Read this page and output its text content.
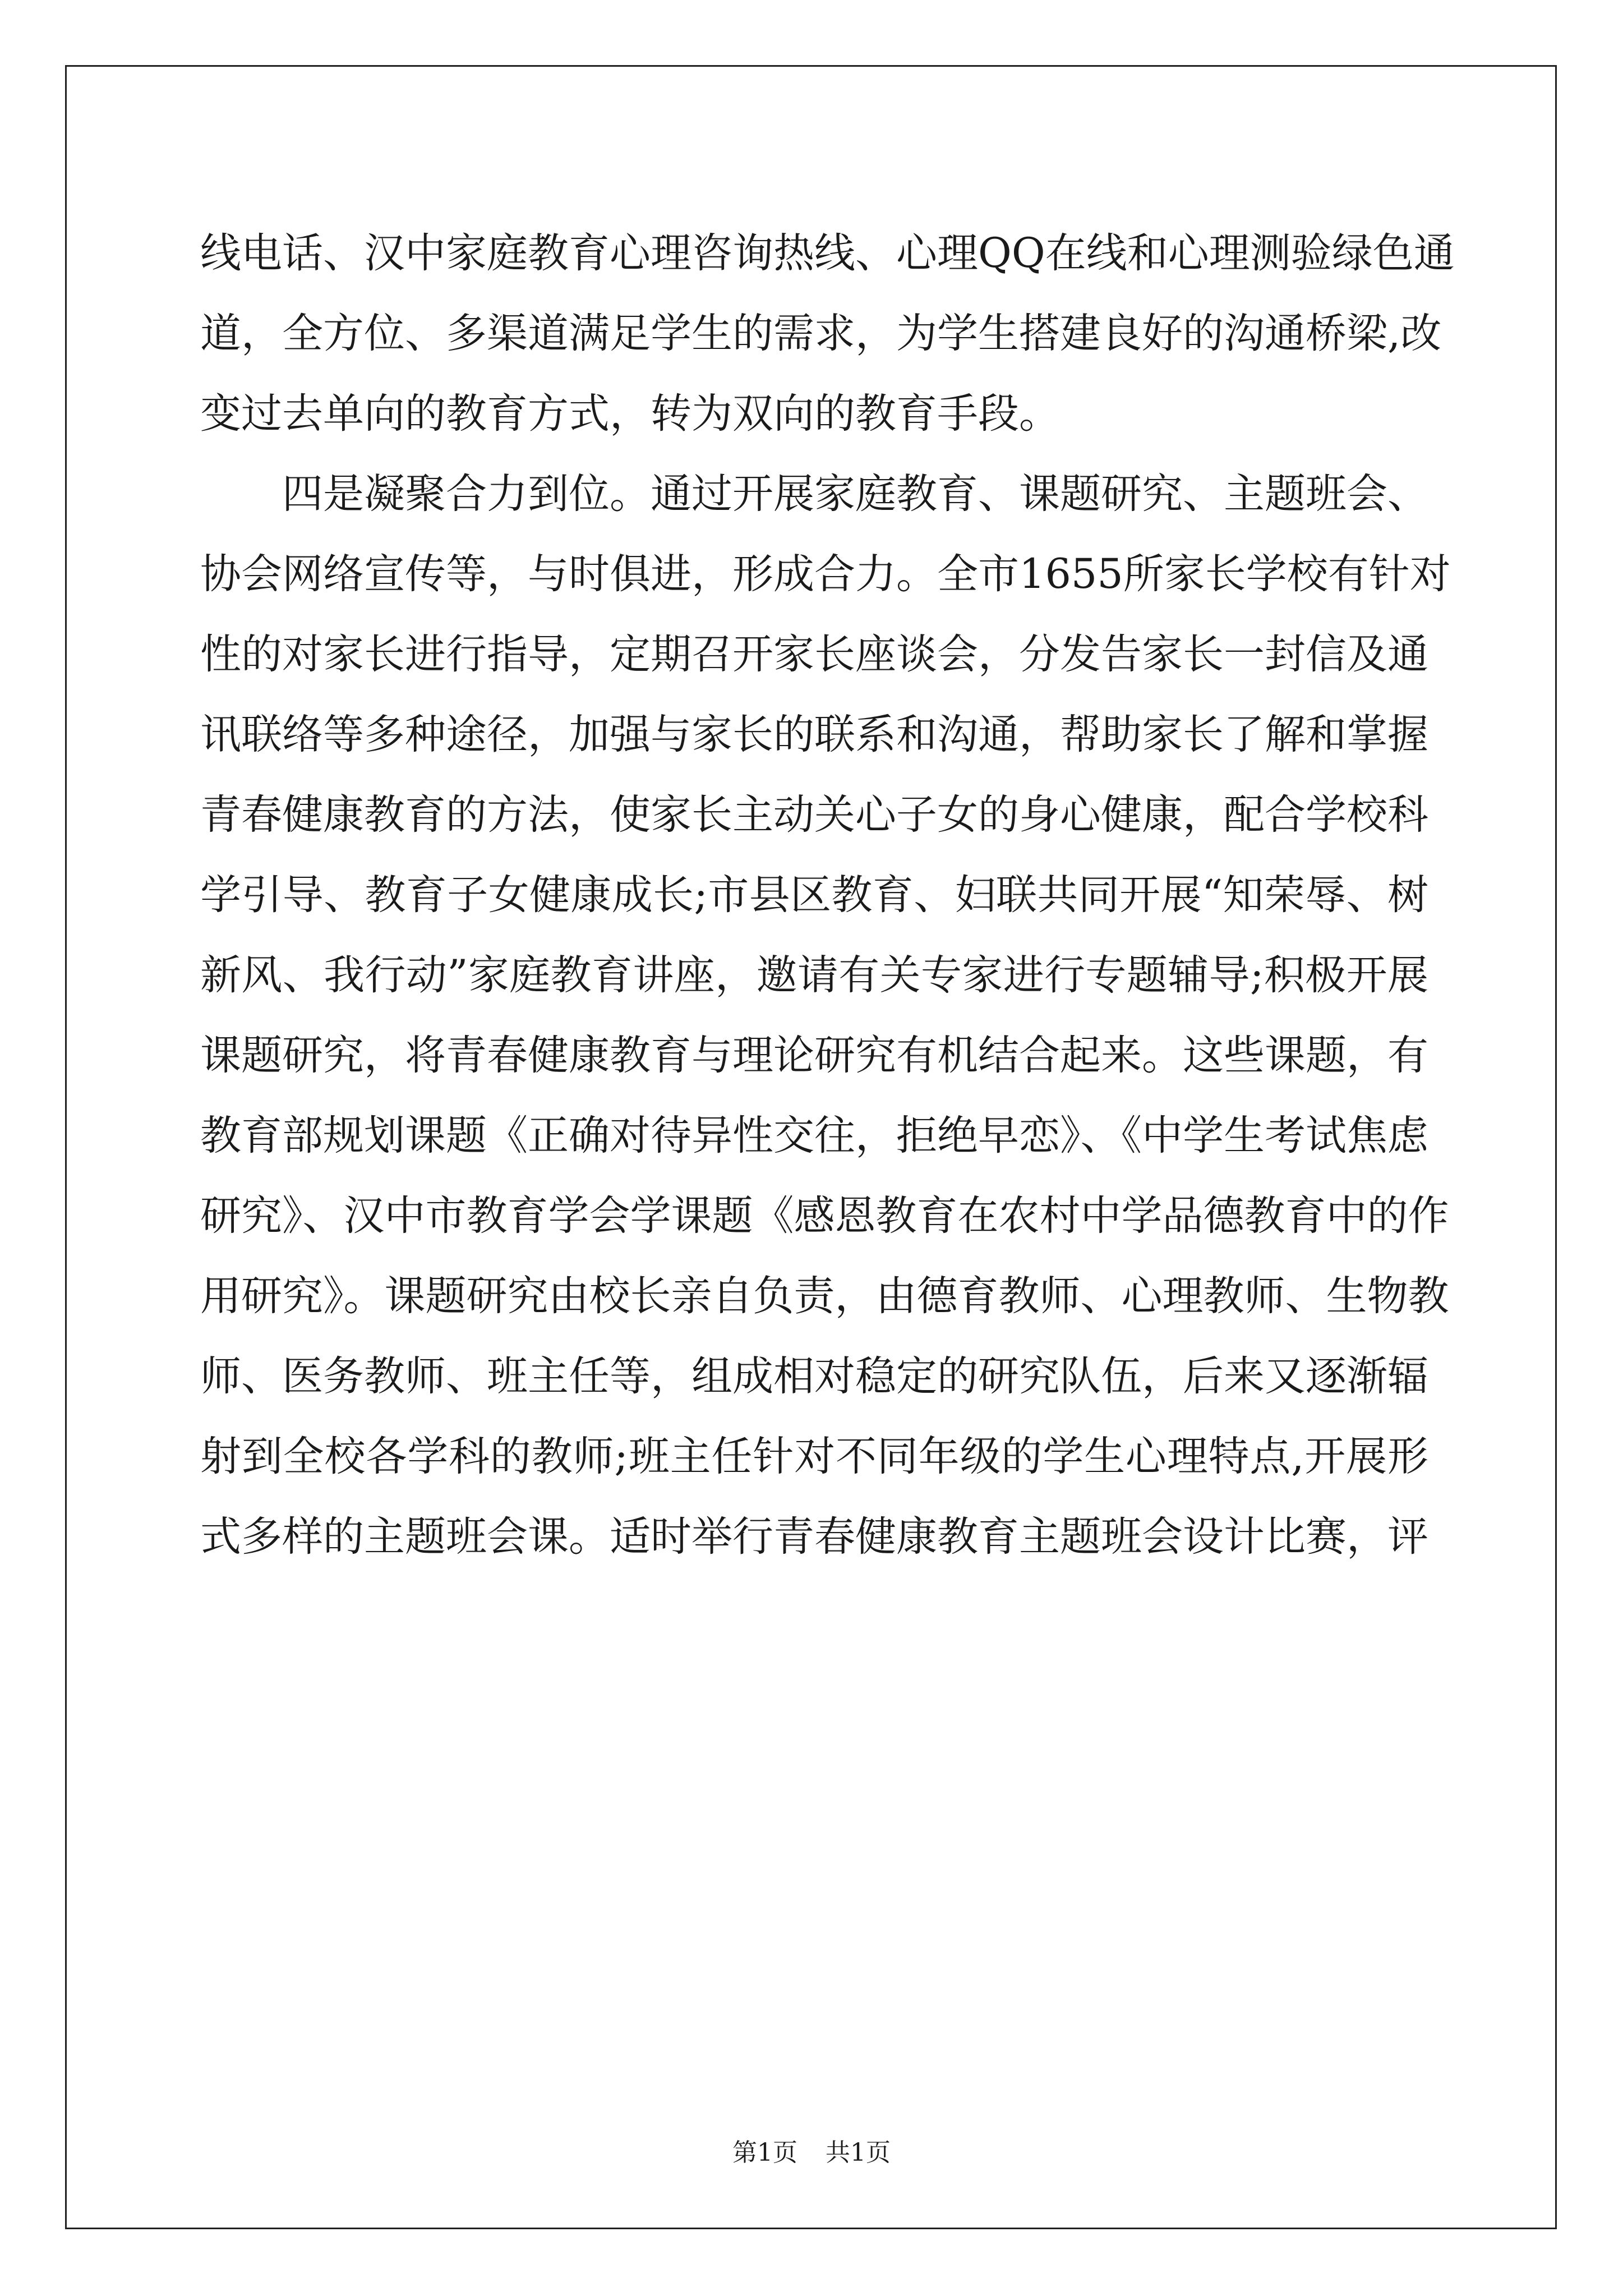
线电话、汉中家庭教育心理咨询热线、心理QQ在线和心理测验绿色通
道，全方位、多渠道满足学生的需求，为学生搭建良好的沟通桥梁,改
变过去单向的教育方式，转为双向的教育手段。
四是凝聚合力到位。通过开展家庭教育、课题研究、主题班会、
协会网络宣传等，与时俱进，形成合力。全市1655所家长学校有针对
性的对家长进行指导，定期召开家长座谈会，分发告家长一封信及通
讯联络等多种途径，加强与家长的联系和沟通，帮助家长了解和掌握
青春健康教育的方法，使家长主动关心子女的身心健康，配合学校科
学引导、教育子女健康成长;市县区教育、妇联共同开展“知荣辱、树
新风、我行动”家庭教育讲座，邀请有关专家进行专题辅导;积极开展
课题研究，将青春健康教育与理论研究有机结合起来。这些课题，有
教育部规划课题《正确对待异性交往，拒绝早恋》、《中学生考试焦虑
研究》、汉中市教育学会学课题《感恩教育在农村中学品德教育中的作
用研究》。课题研究由校长亲自负责，由德育教师、心理教师、生物教
师、医务教师、班主任等，组成相对稳定的研究队伍，后来又逐渐辐
射到全校各学科的教师;班主任针对不同年级的学生心理特点,开展形
式多样的主题班会课。适时举行青春健康教育主题班会设计比赛，评
第1页 共1页
